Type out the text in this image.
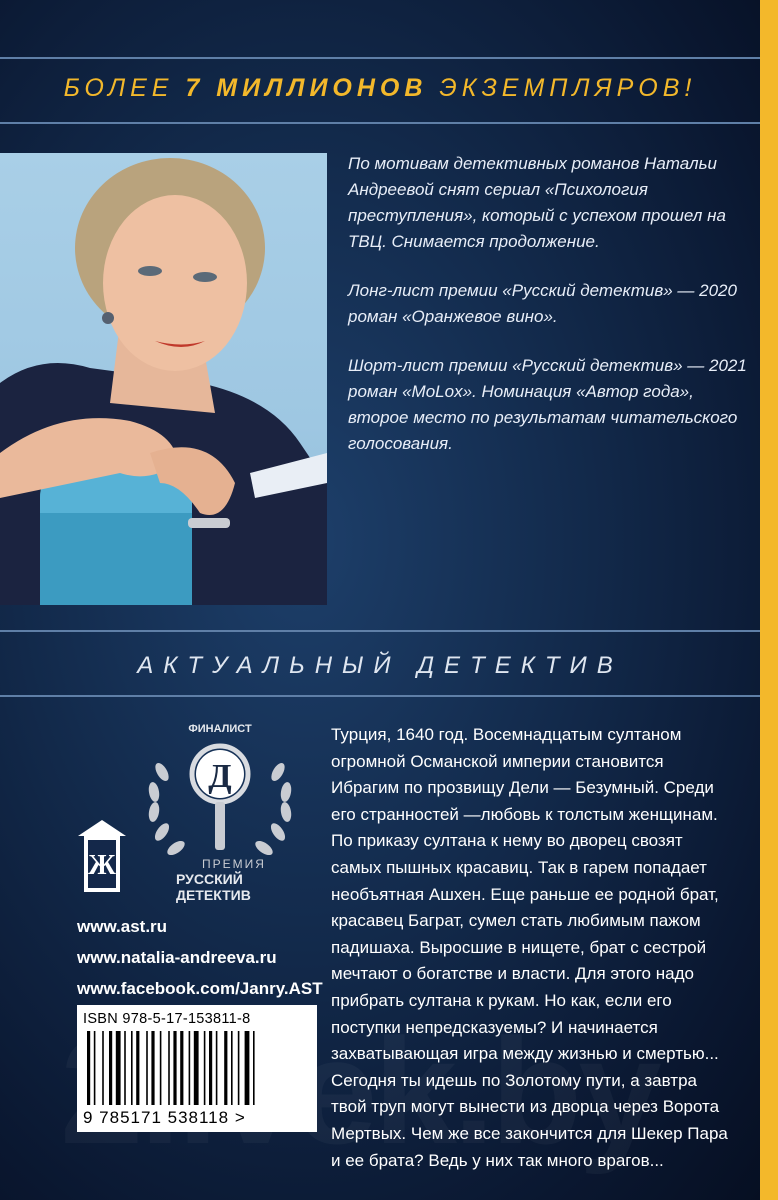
БОЛЕЕ 7 МИЛЛИОНОВ ЭКЗЕМПЛЯРОВ!

По мотивам детективных романов Натальи Андреевой снят сериал «Психология преступления», который с успехом прошел на ТВЦ. Снимается продолжение.

Лонг-лист премии «Русский детектив» — 2020 роман «Оранжевое вино».

Шорт-лист премии «Русский детектив» — 2021 роман «MoLox». Номинация «Автор года», второе место по результатам читательского голосования.

АКТУАЛЬНЫЙ ДЕТЕКТИВ
ФИНАЛИСТ
Д
ПРЕМИЯ
РУССКИЙ
ДЕТЕКТИВ
Ж
Турция, 1640 год. Восемнадцатым султаном огромной Османской империи становится Ибрагим по прозвищу Дели — Безумный. Среди его странностей —любовь к толстым женщинам. По приказу султана к нему во дворец свозят самых пышных красавиц. Так в гарем попадает необъятная Ашхен. Еще раньше ее родной брат, красавец Баграт, сумел стать любимым пажом падишаха. Выросшие в нищете, брат с сестрой мечтают о богатстве и власти. Для этого надо прибрать султана к рукам. Но как, если его поступки непредсказуемы? И начинается захватывающая игра между жизнью и смертью... Сегодня ты идешь по Золотому пути, а завтра твой труп могут вынести из дворца через Ворота Мертвых. Чем же все закончится для Шекер Пара и ее брата? Ведь у них так много врагов...
www.ast.ru
www.natalia-andreeva.ru
www.facebook.com/Janry.AST
ISBN 978-5-17-153811-8
9 785171 538118 >
